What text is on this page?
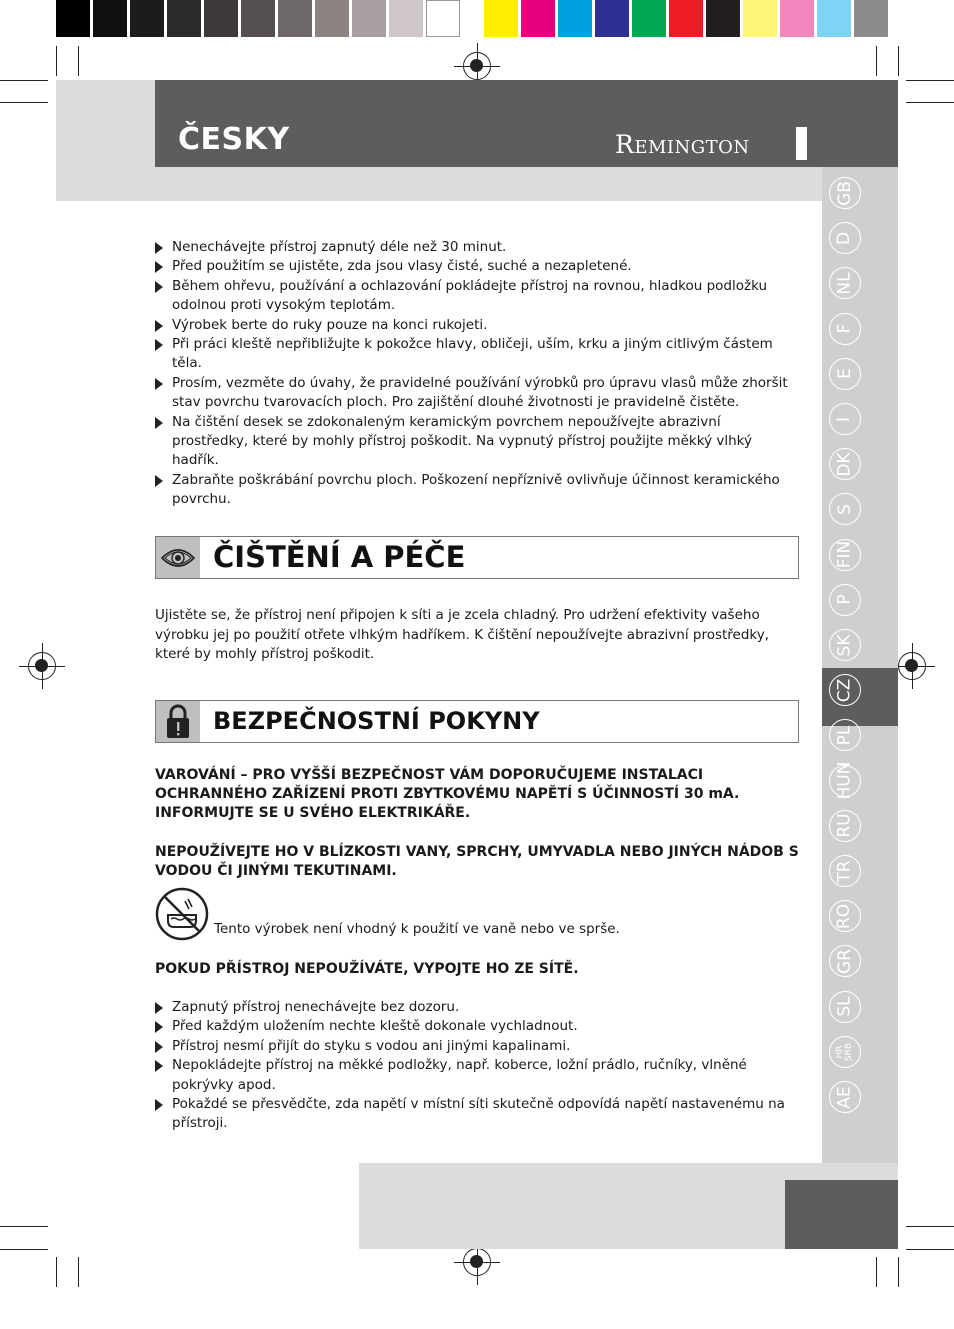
ČESKY	Remington
GB
D
NL
F
E
I
DK
S
FIN
P
SK
CZ
PL
HUN
RU
TR
RO
GR
SL
HR
SRB
AE
Nenechávejte přístroj zapnutý déle než 30 minut.
Před použitím se ujistěte, zda jsou vlasy čisté, suché a nezapletené.
Během ohřevu, používání a ochlazování pokládejte přístroj na rovnou, hladkou podložku odolnou proti vysokým teplotám.
Výrobek berte do ruky pouze na konci rukojeti.
Při práci kleště nepřibližujte k pokožce hlavy, obličeji, uším, krku a jiným citlivým částem těla.
Prosím, vezměte do úvahy, že pravidelné používání výrobků pro úpravu vlasů může zhoršit stav povrchu tvarovacích ploch. Pro zajištění dlouhé životnosti je pravidelně čistěte.
Na čištění desek se zdokonaleným keramickým povrchem nepoužívejte abrazivní prostředky, které by mohly přístroj poškodit. Na vypnutý přístroj použijte měkký vlhký hadřík.
Zabraňte poškrábání povrchu ploch. Poškození nepříznivě ovlivňuje účinnost keramického povrchu.
ČIŠTĚNÍ A PÉČE
Ujistěte se, že přístroj není připojen k síti a je zcela chladný. Pro udržení efektivity vašeho výrobku jej po použití otřete vlhkým hadříkem. K čištění nepoužívejte abrazivní prostředky, které by mohly přístroj poškodit.
BEZPEČNOSTNÍ POKYNY
VAROVÁNÍ – PRO VYŠŠÍ BEZPEČNOST VÁM DOPORUČUJEME INSTALACI OCHRANNÉHO ZAŘÍZENÍ PROTI ZBYTKOVÉMU NAPĚTÍ S ÚČINNOSTÍ 30 mA. INFORMUJTE SE U SVÉHO ELEKTRIKÁŘE.
NEPOUŽÍVEJTE HO V BLÍZKOSTI VANY, SPRCHY, UMYVADLA NEBO JINÝCH NÁDOB S VODOU ČI JINÝMI TEKUTINAMI.
Tento výrobek není vhodný k použití ve vaně nebo ve sprše.
POKUD PŘÍSTROJ NEPOUŽÍVÁTE, VYPOJTE HO ZE SÍTĚ.
Zapnutý přístroj nenechávejte bez dozoru.
Před každým uložením nechte kleště dokonale vychladnout.
Přístroj nesmí přijít do styku s vodou ani jinými kapalinami.
Nepokládejte přístroj na měkké podložky, např. koberce, ložní prádlo, ručníky, vlněné pokrývky apod.
Pokaždé se přesvědčte, zda napětí v místní síti skutečně odpovídá napětí nastavenému na přístroji.
